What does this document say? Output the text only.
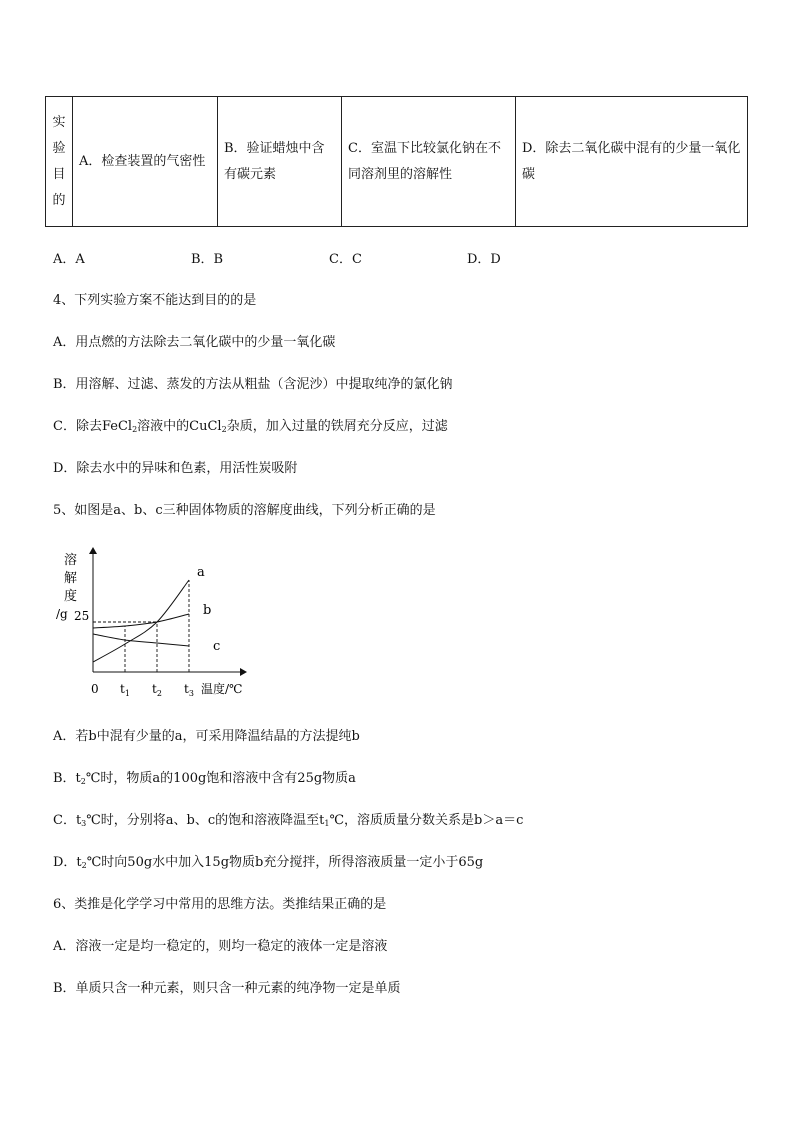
实
验
目
的
	A．检查装置的气密性	B．验证蜡烛中含有碳元素	C．室温下比较氯化钠在不同溶剂里的溶解性	D．除去二氧化碳中混有的少量一氧化碳
A．A	B．B	C．C	D．D
4、下列实验方案不能达到目的的是
A．用点燃的方法除去二氧化碳中的少量一氧化碳
B．用溶解、过滤、蒸发的方法从粗盐（含泥沙）中提取纯净的氯化钠
C．除去FeCl$_2$溶液中的CuCl$_2$杂质，加入过量的铁屑充分反应，过滤
D．除去水中的异味和色素，用活性炭吸附
5、如图是a、b、c三种固体物质的溶解度曲线，下列分析正确的是
溶
解
度
/g 25
0	温度/℃
$t_1$ $t_2$ $t_3$
a
b
c
A．若b中混有少量的a，可采用降温结晶的方法提纯b
B．$t_2℃$时，物质a的100g饱和溶液中含有25g物质a
C．$t_3℃$时，分别将a、b、c的饱和溶液降温至$t_1℃$，溶质质量分数关系是b＞a＝c
D．$t_2℃$时向50g水中加入15g物质b充分搅拌，所得溶液质量一定小于65g
6、类推是化学学习中常用的思维方法。类推结果正确的是
A．溶液一定是均一稳定的，则均一稳定的液体一定是溶液
B．单质只含一种元素，则只含一种元素的纯净物一定是单质
